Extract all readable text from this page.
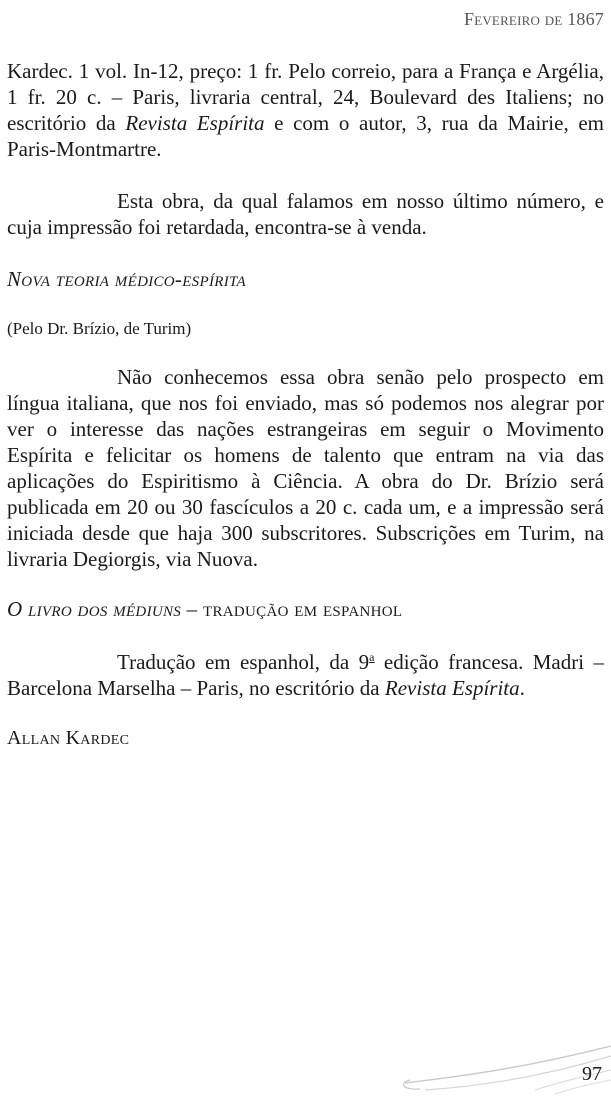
Fevereiro de 1867

Kardec. 1 vol. In-12, preço: 1 fr. Pelo correio, para a França e Argélia, 1 fr. 20 c. – Paris, livraria central, 24, Boulevard des Italiens; no escritório da Revista Espírita e com o autor, 3, rua da Mairie, em Paris-Montmartre.

Esta obra, da qual falamos em nosso último número, e cuja impressão foi retardada, encontra-se à venda.

Nova teoria médico-espírita

(Pelo Dr. Brízio, de Turim)

Não conhecemos essa obra senão pelo prospecto em língua italiana, que nos foi enviado, mas só podemos nos alegrar por ver o interesse das nações estrangeiras em seguir o Movimento Espírita e felicitar os homens de talento que entram na via das aplicações do Espiritismo à Ciência. A obra do Dr. Brízio será publicada em 20 ou 30 fascículos a 20 c. cada um, e a impressão será iniciada desde que haja 300 subscritores. Subscrições em Turim, na livraria Degiorgis, via Nuova.

O livro dos médiuns – tradução em espanhol

Tradução em espanhol, da 9$^a$ edição francesa. Madri – Barcelona Marselha – Paris, no escritório da Revista Espírita.

Allan Kardec

97
